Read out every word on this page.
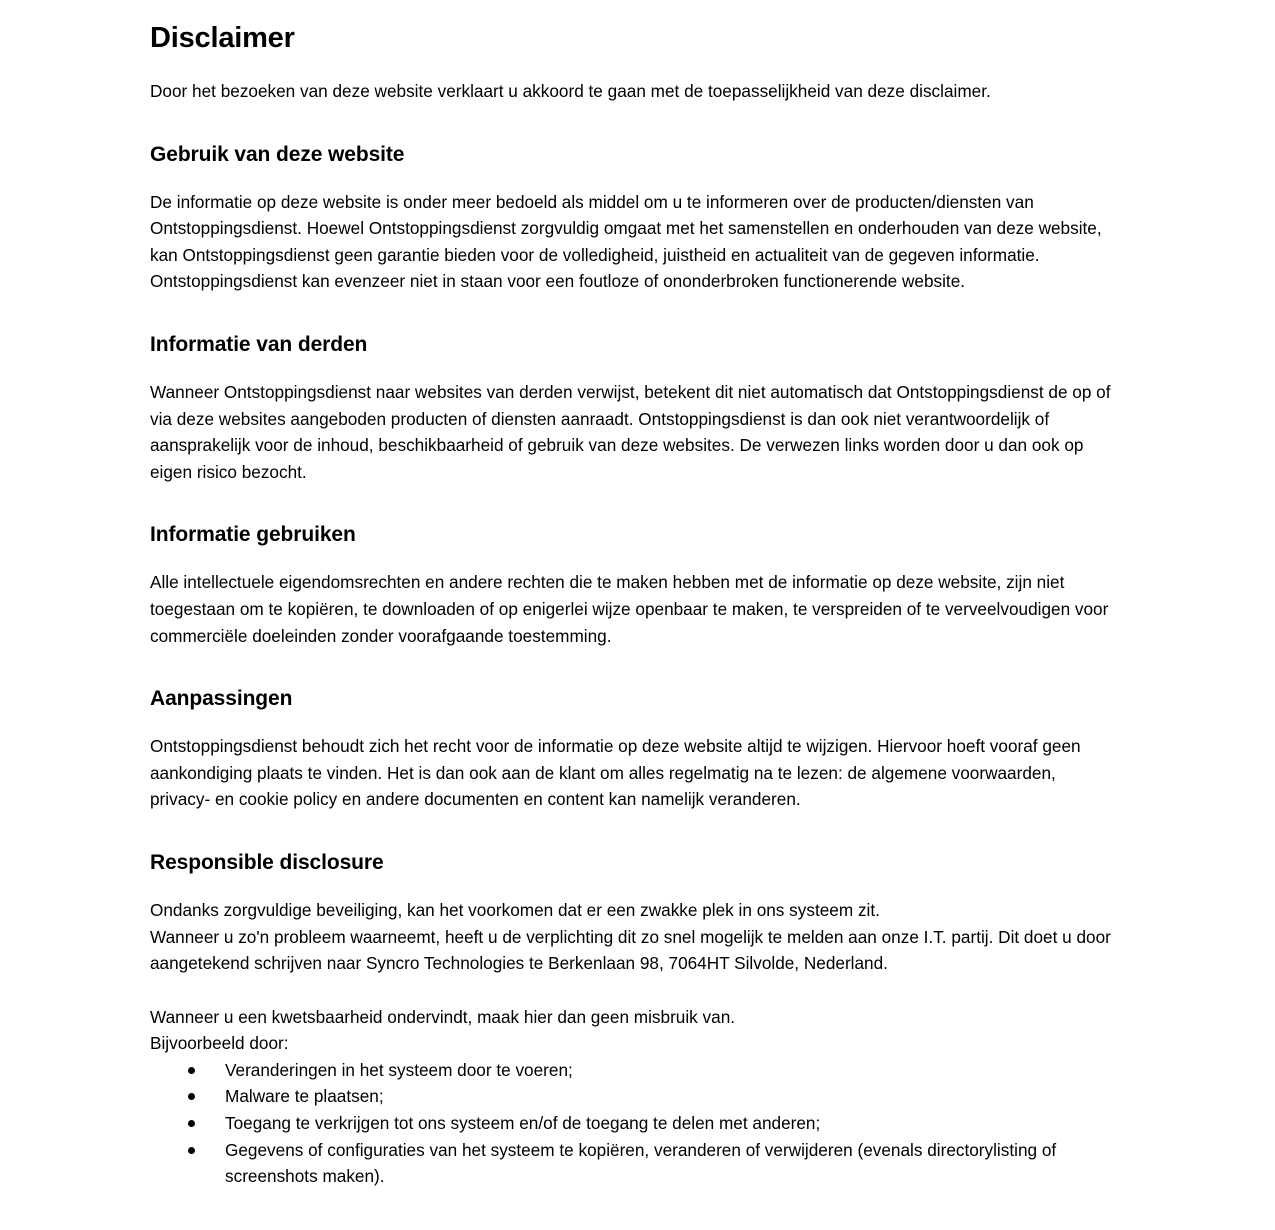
Disclaimer

Door het bezoeken van deze website verklaart u akkoord te gaan met de toepasselijkheid van deze disclaimer.

Gebruik van deze website

De informatie op deze website is onder meer bedoeld als middel om u te informeren over de producten/diensten van Ontstoppingsdienst. Hoewel Ontstoppingsdienst zorgvuldig omgaat met het samenstellen en onderhouden van deze website, kan Ontstoppingsdienst geen garantie bieden voor de volledigheid, juistheid en actualiteit van de gegeven informatie. Ontstoppingsdienst kan evenzeer niet in staan voor een foutloze of ononderbroken functionerende website.

Informatie van derden

Wanneer Ontstoppingsdienst naar websites van derden verwijst, betekent dit niet automatisch dat Ontstoppingsdienst de op of via deze websites aangeboden producten of diensten aanraadt. Ontstoppingsdienst is dan ook niet verantwoordelijk of aansprakelijk voor de inhoud, beschikbaarheid of gebruik van deze websites. De verwezen links worden door u dan ook op eigen risico bezocht.

Informatie gebruiken

Alle intellectuele eigendomsrechten en andere rechten die te maken hebben met de informatie op deze website, zijn niet toegestaan om te kopiëren, te downloaden of op enigerlei wijze openbaar te maken, te verspreiden of te verveelvoudigen voor commerciële doeleinden zonder voorafgaande toestemming.

Aanpassingen

Ontstoppingsdienst behoudt zich het recht voor de informatie op deze website altijd te wijzigen. Hiervoor hoeft vooraf geen aankondiging plaats te vinden. Het is dan ook aan de klant om alles regelmatig na te lezen: de algemene voorwaarden, privacy- en cookie policy en andere documenten en content kan namelijk veranderen.

Responsible disclosure

Ondanks zorgvuldige beveiliging, kan het voorkomen dat er een zwakke plek in ons systeem zit.

Wanneer u zo'n probleem waarneemt, heeft u de verplichting dit zo snel mogelijk te melden aan onze I.T. partij. Dit doet u door aangetekend schrijven naar Syncro Technologies te Berkenlaan 98, 7064HT Silvolde, Nederland.

Wanneer u een kwetsbaarheid ondervindt, maak hier dan geen misbruik van.

Bijvoorbeeld door:

Veranderingen in het systeem door te voeren;
Malware te plaatsen;
Toegang te verkrijgen tot ons systeem en/of de toegang te delen met anderen;
Gegevens of configuraties van het systeem te kopiëren, veranderen of verwijderen (evenals directorylisting of screenshots maken).
